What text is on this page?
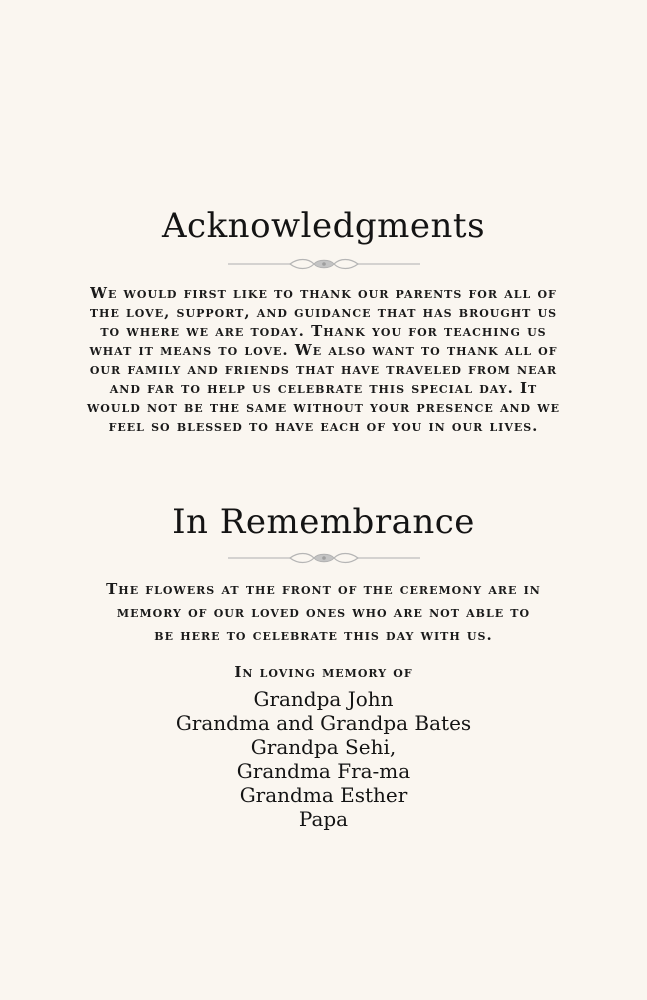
Acknowledgments
We would first like to thank our parents for all of
the love, support, and guidance that has brought us
to where we are today. Thank you for teaching us
what it means to love. We also want to thank all of
our family and friends that have traveled from near
and far to help us celebrate this special day. It
would not be the same without your presence and we
feel so blessed to have each of you in our lives.
In Remembrance
The flowers at the front of the ceremony are in
memory of our loved ones who are not able to
be here to celebrate this day with us.
In loving memory of
Grandpa John
Grandma and Grandpa Bates
Grandpa Sehi,
Grandma Fra-ma
Grandma Esther
Papa
